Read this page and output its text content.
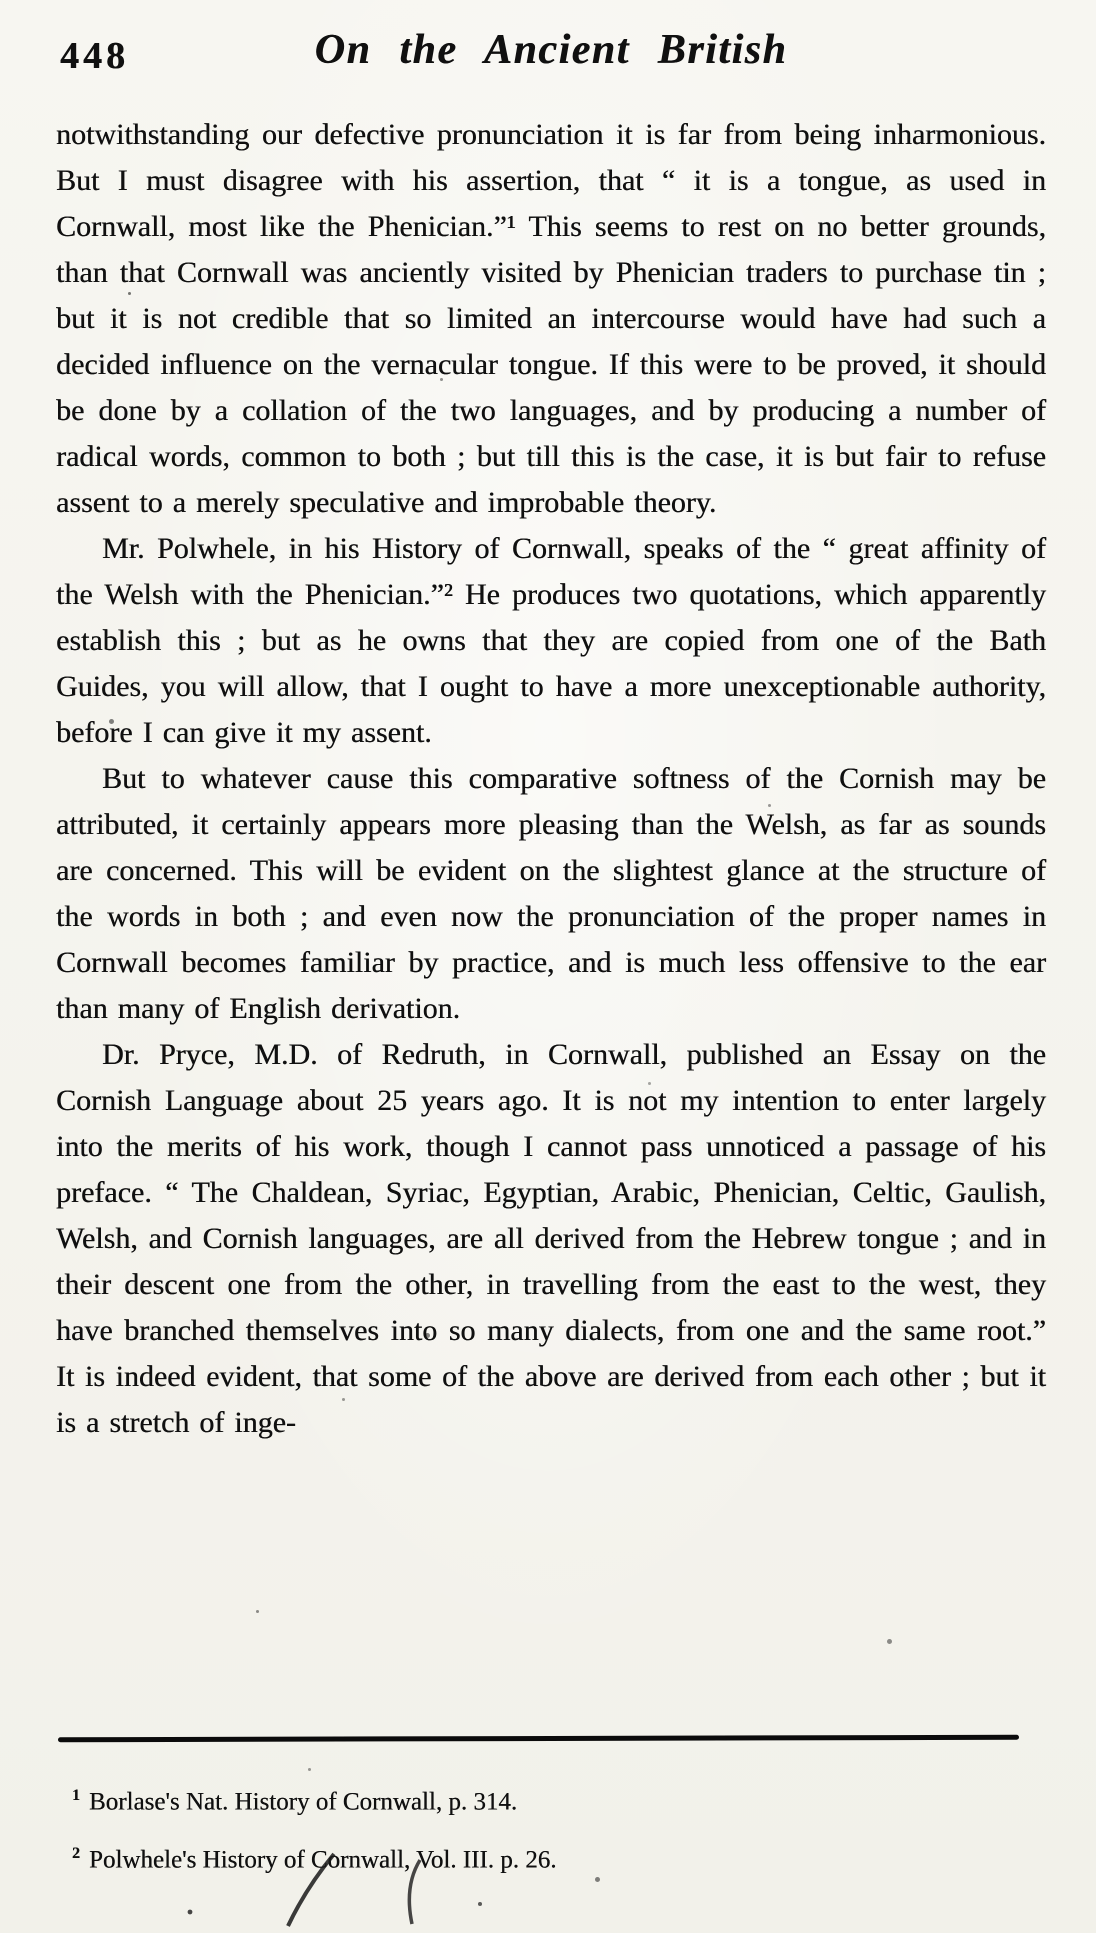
448	On the Ancient British

notwithstanding our defective pronunciation it is far from being inharmonious. But I must disagree with his assertion, that “ it is a tongue, as used in Cornwall, most like the Phenician.”¹ This seems to rest on no better grounds, than that Cornwall was anciently visited by Phenician traders to purchase tin ; but it is not credible that so limited an intercourse would have had such a decided influence on the vernacular tongue. If this were to be proved, it should be done by a collation of the two languages, and by producing a number of radical words, common to both ; but till this is the case, it is but fair to refuse assent to a merely speculative and improbable theory.

Mr. Polwhele, in his History of Cornwall, speaks of the “ great affinity of the Welsh with the Phenician.”² He produces two quotations, which apparently establish this ; but as he owns that they are copied from one of the Bath Guides, you will allow, that I ought to have a more unexceptionable authority, before I can give it my assent.

But to whatever cause this comparative softness of the Cornish may be attributed, it certainly appears more pleasing than the Welsh, as far as sounds are concerned. This will be evident on the slightest glance at the structure of the words in both ; and even now the pronunciation of the proper names in Cornwall becomes familiar by practice, and is much less offensive to the ear than many of English derivation.

Dr. Pryce, M.D. of Redruth, in Cornwall, published an Essay on the Cornish Language about 25 years ago. It is not my intention to enter largely into the merits of his work, though I cannot pass unnoticed a passage of his preface. “ The Chaldean, Syriac, Egyptian, Arabic, Phenician, Celtic, Gaulish, Welsh, and Cornish languages, are all derived from the Hebrew tongue ; and in their descent one from the other, in travelling from the east to the west, they have branched themselves into so many dialects, from one and the same root.” It is indeed evident, that some of the above are derived from each other ; but it is a stretch of inge-

$^1$ Borlase's Nat. History of Cornwall, p. 314.

$^2$ Polwhele's History of Cornwall, Vol. III. p. 26.
